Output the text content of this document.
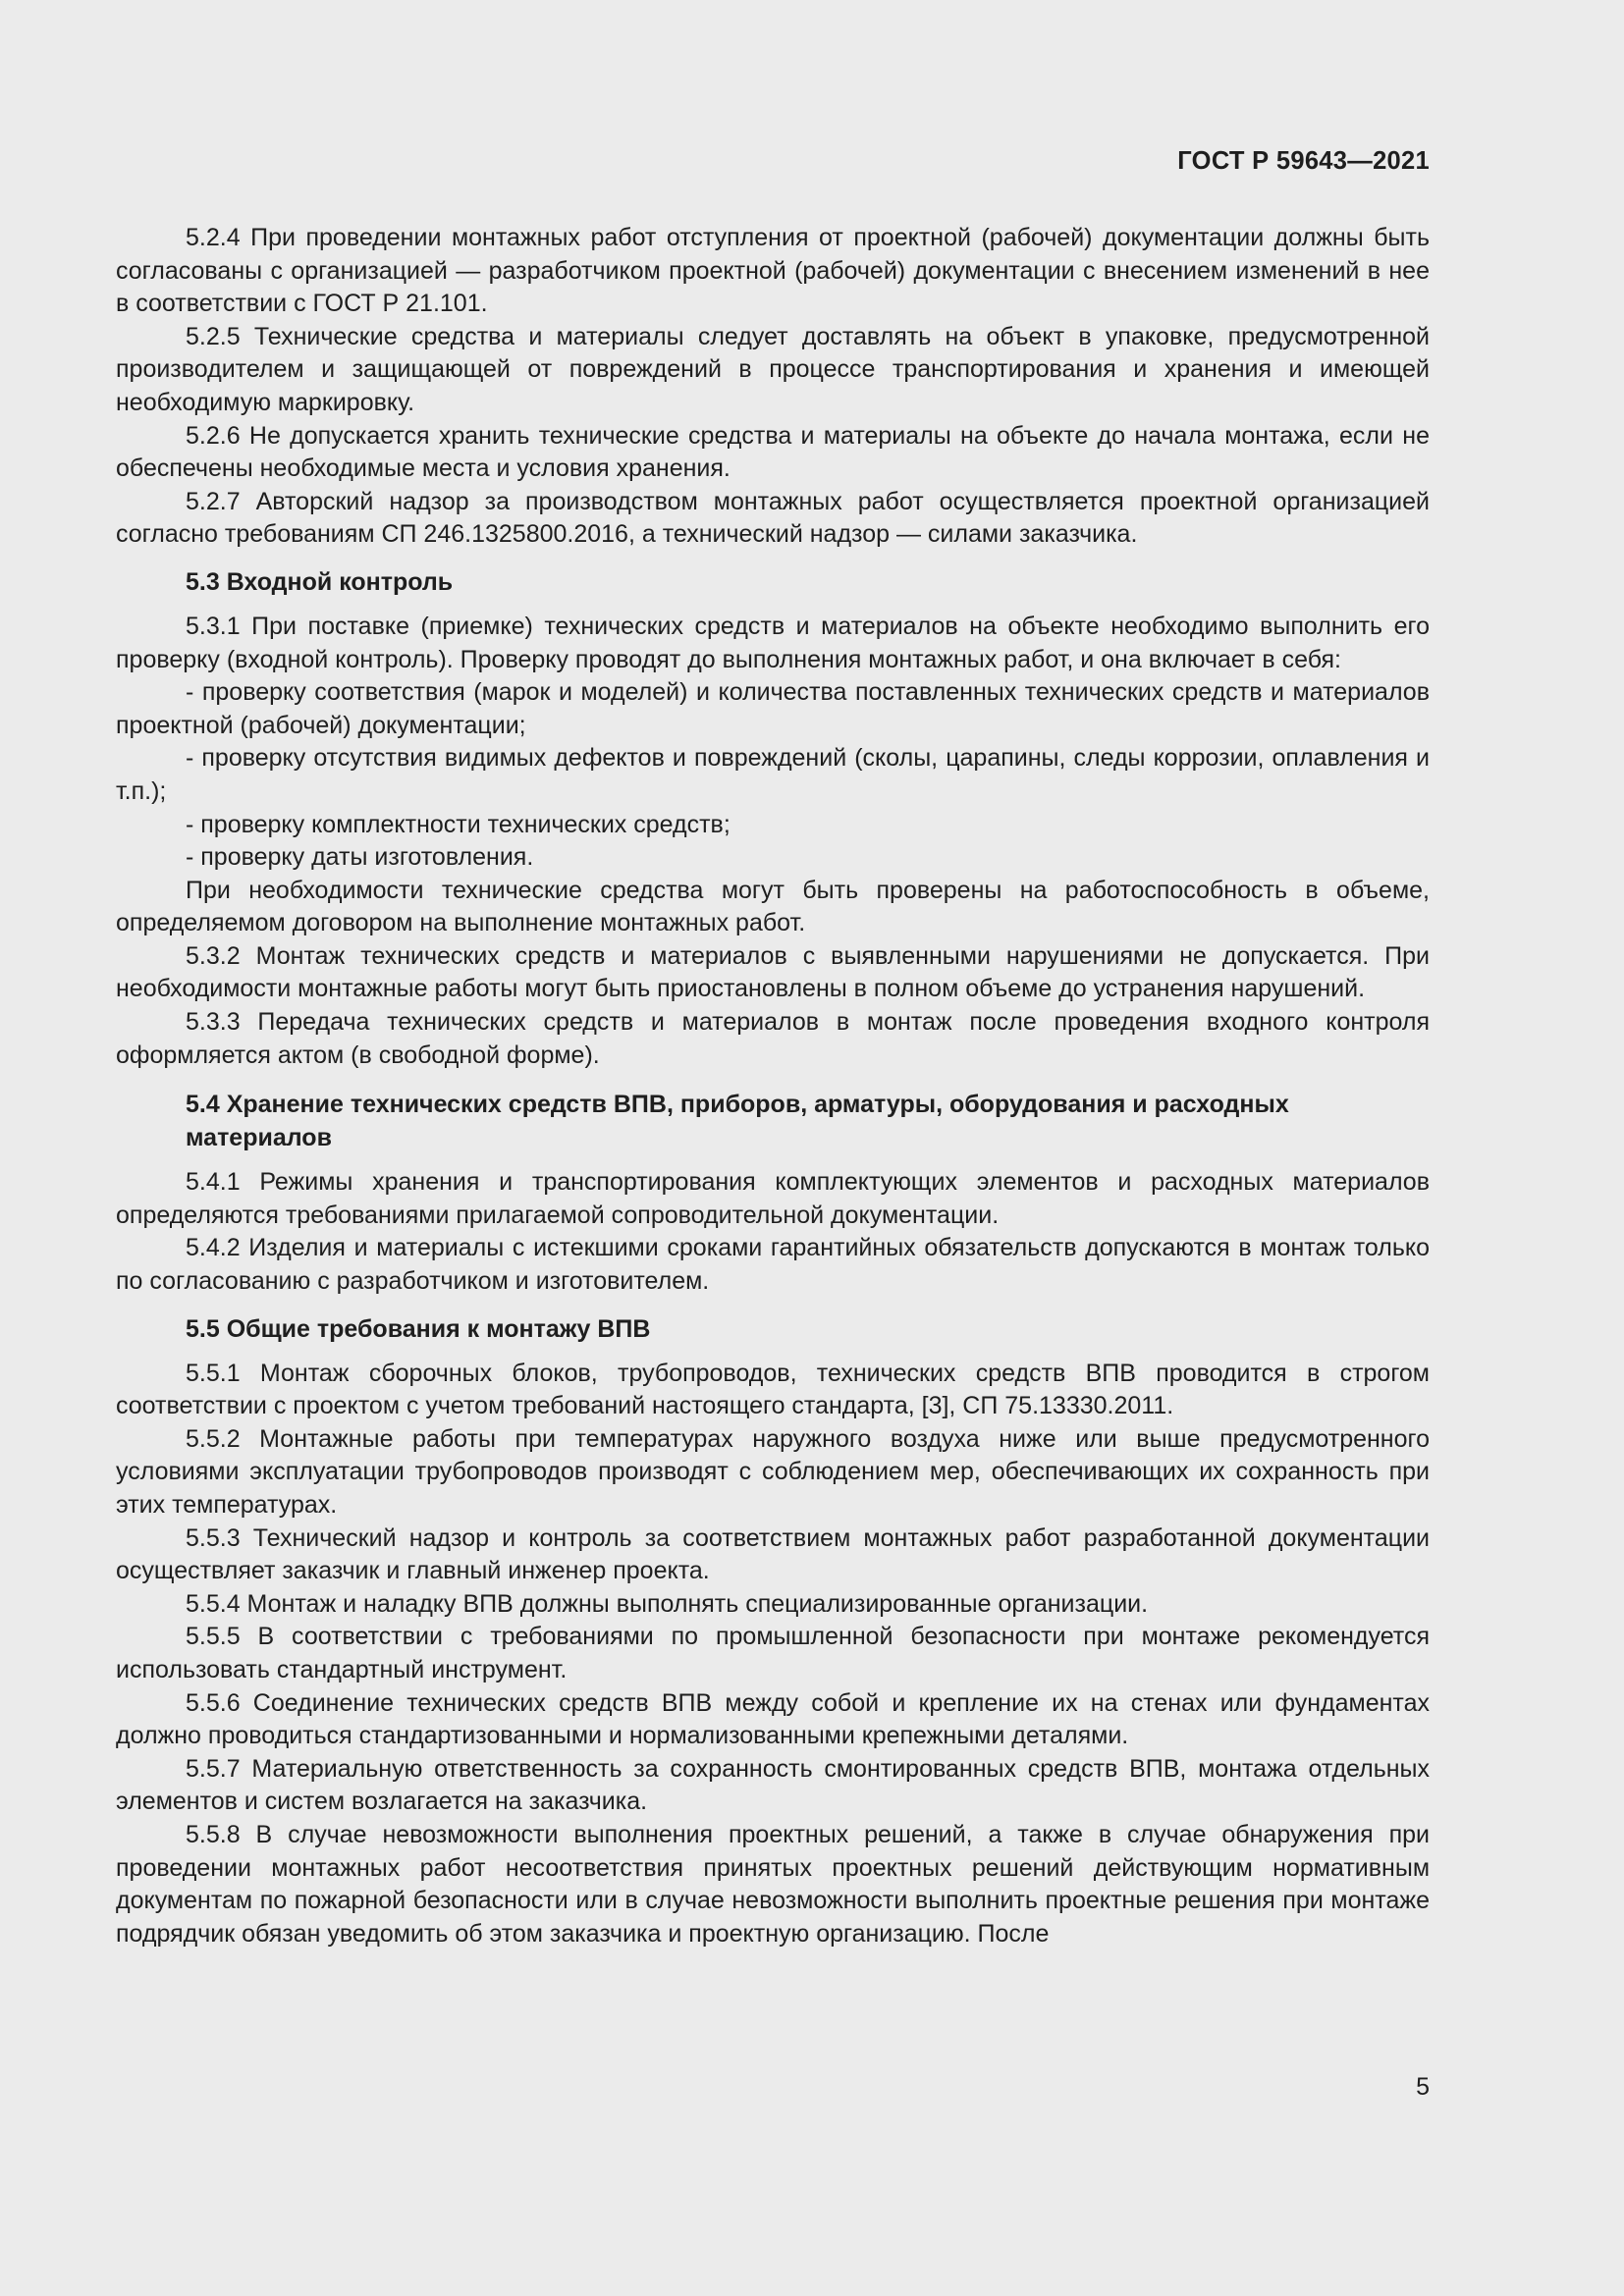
ГОСТ Р 59643—2021

5.2.4 При проведении монтажных работ отступления от проектной (рабочей) документации должны быть согласованы с организацией — разработчиком проектной (рабочей) документации с внесением изменений в нее в соответствии с ГОСТ Р 21.101.

5.2.5 Технические средства и материалы следует доставлять на объект в упаковке, предусмотренной производителем и защищающей от повреждений в процессе транспортирования и хранения и имеющей необходимую маркировку.

5.2.6 Не допускается хранить технические средства и материалы на объекте до начала монтажа, если не обеспечены необходимые места и условия хранения.

5.2.7 Авторский надзор за производством монтажных работ осуществляется проектной организацией согласно требованиям СП 246.1325800.2016, а технический надзор — силами заказчика.

5.3 Входной контроль

5.3.1 При поставке (приемке) технических средств и материалов на объекте необходимо выполнить его проверку (входной контроль). Проверку проводят до выполнения монтажных работ, и она включает в себя:

- проверку соответствия (марок и моделей) и количества поставленных технических средств и материалов проектной (рабочей) документации;

- проверку отсутствия видимых дефектов и повреждений (сколы, царапины, следы коррозии, оплавления и т.п.);

- проверку комплектности технических средств;

- проверку даты изготовления.

При необходимости технические средства могут быть проверены на работоспособность в объеме, определяемом договором на выполнение монтажных работ.

5.3.2 Монтаж технических средств и материалов с выявленными нарушениями не допускается. При необходимости монтажные работы могут быть приостановлены в полном объеме до устранения нарушений.

5.3.3 Передача технических средств и материалов в монтаж после проведения входного контроля оформляется актом (в свободной форме).

5.4 Хранение технических средств ВПВ, приборов, арматуры, оборудования и расходных материалов

5.4.1 Режимы хранения и транспортирования комплектующих элементов и расходных материалов определяются требованиями прилагаемой сопроводительной документации.

5.4.2 Изделия и материалы с истекшими сроками гарантийных обязательств допускаются в монтаж только по согласованию с разработчиком и изготовителем.

5.5 Общие требования к монтажу ВПВ

5.5.1 Монтаж сборочных блоков, трубопроводов, технических средств ВПВ проводится в строгом соответствии с проектом с учетом требований настоящего стандарта, [3], СП 75.13330.2011.

5.5.2 Монтажные работы при температурах наружного воздуха ниже или выше предусмотренного условиями эксплуатации трубопроводов производят с соблюдением мер, обеспечивающих их сохранность при этих температурах.

5.5.3 Технический надзор и контроль за соответствием монтажных работ разработанной документации осуществляет заказчик и главный инженер проекта.

5.5.4 Монтаж и наладку ВПВ должны выполнять специализированные организации.

5.5.5 В соответствии с требованиями по промышленной безопасности при монтаже рекомендуется использовать стандартный инструмент.

5.5.6 Соединение технических средств ВПВ между собой и крепление их на стенах или фундаментах должно проводиться стандартизованными и нормализованными крепежными деталями.

5.5.7 Материальную ответственность за сохранность смонтированных средств ВПВ, монтажа отдельных элементов и систем возлагается на заказчика.

5.5.8 В случае невозможности выполнения проектных решений, а также в случае обнаружения при проведении монтажных работ несоответствия принятых проектных решений действующим нормативным документам по пожарной безопасности или в случае невозможности выполнить проектные решения при монтаже подрядчик обязан уведомить об этом заказчика и проектную организацию. После

5
